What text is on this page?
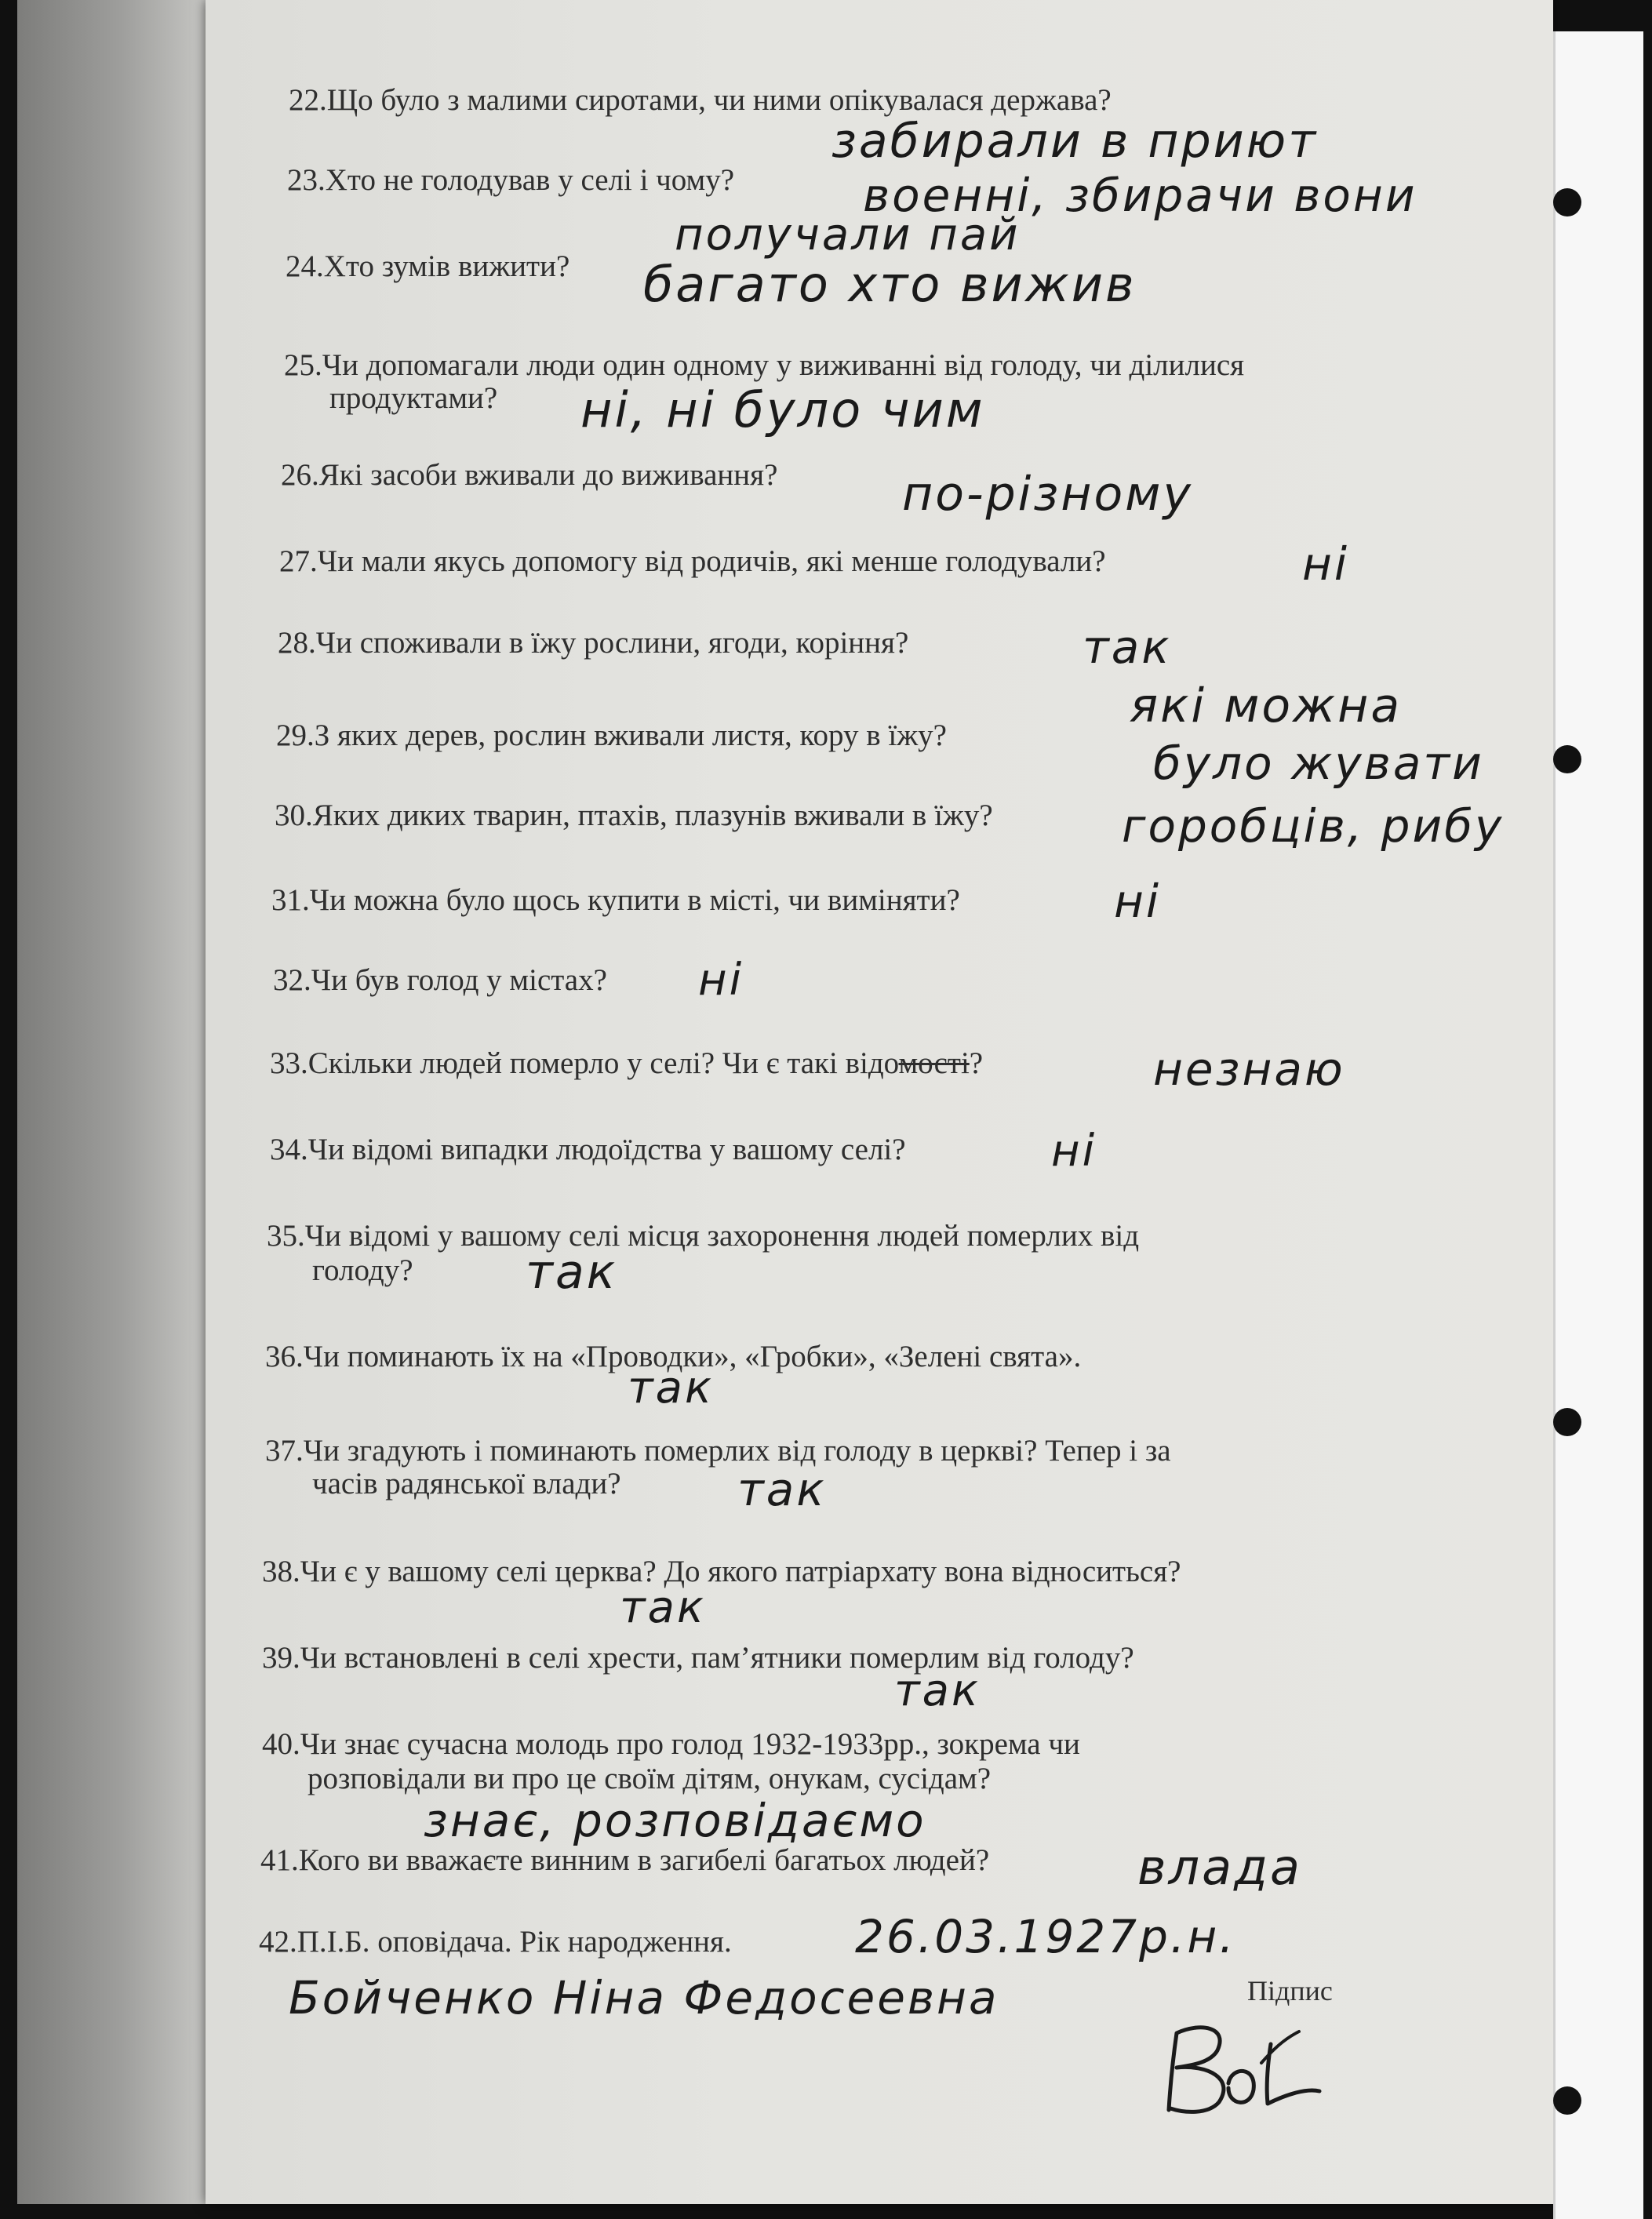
22.Що було з малими сиротами, чи ними опікувалася держава?
23.Хто не голодував у селі і чому?
24.Хто зумів вижити?
25.Чи допомагали люди один одному у виживанні від голоду, чи ділилися
продуктами?
26.Які засоби вживали до виживання?
27.Чи мали якусь допомогу від родичів, які менше голодували?
28.Чи споживали в їжу рослини, ягоди, коріння?
29.З яких дерев, рослин вживали листя, кору в їжу?
30.Яких диких тварин, птахів, плазунів вживали в їжу?
31.Чи можна було щось купити в місті, чи виміняти?
32.Чи був голод у містах?
33.Скільки людей померло у селі? Чи є такі відомості?
34.Чи відомі випадки людоїдства у вашому селі?
35.Чи відомі у вашому селі місця захоронення людей померлих від
голоду?
36.Чи поминають їх на «Проводки», «Гробки», «Зелені свята».
37.Чи згадують і поминають померлих від голоду в церкві? Тепер і за
часів радянської влади?
38.Чи є у вашому селі церква? До якого патріархату вона відноситься?
39.Чи встановлені в селі хрести, пам’ятники померлим від голоду?
40.Чи знає сучасна молодь про голод 1932-1933рр., зокрема чи
розповідали ви про це своїм дітям, онукам, сусідам?
41.Кого ви вважаєте винним в загибелі багатьох людей?
42.П.І.Б. оповідача. Рік народження.
Підпис
забирали в приют
военні, збирачи вони
получали пай
багато хто вижив
ні, ні було чим
по-різному
ні
так
які можна
було жувати
горобців, рибу
ні
ні
незнаю
ні
так
так
так
так
так
знає, розповідаємо
влада
26.03.1927р.н.
Бойченко Ніна Федосеевна
